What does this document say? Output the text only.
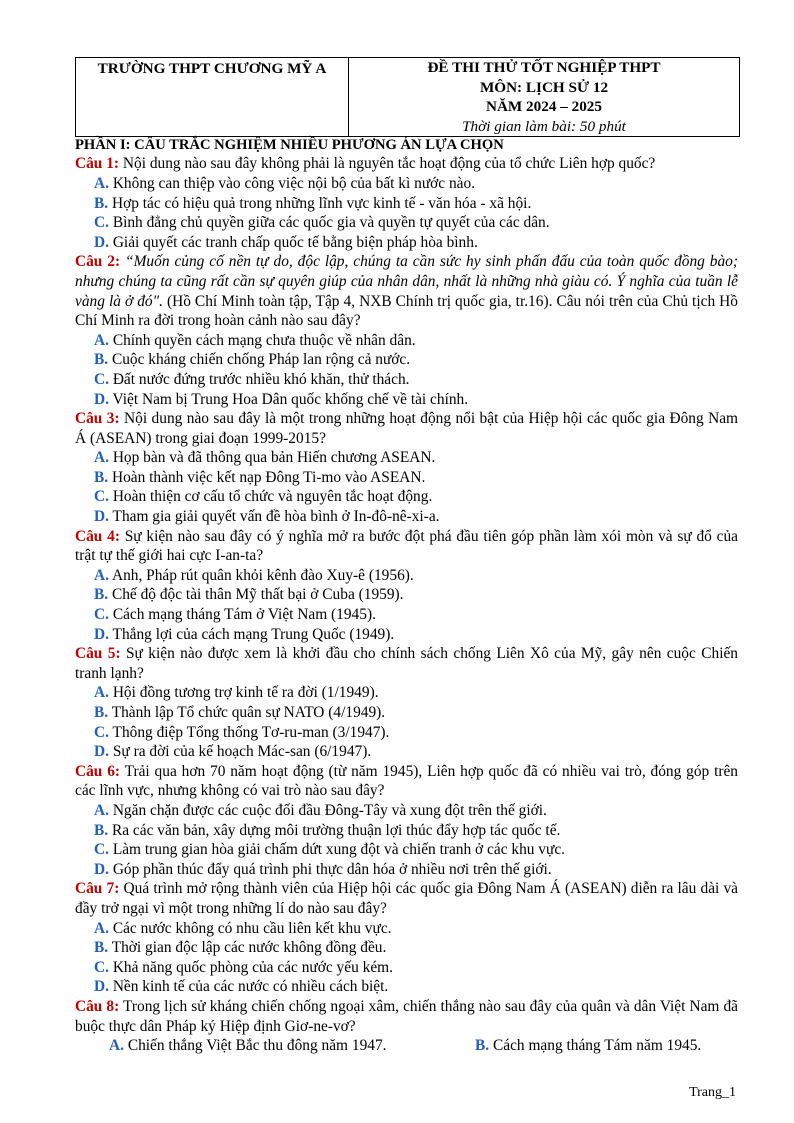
TRƯỜNG THPT CHƯƠNG MỸ A	ĐỀ THI THỬ TỐT NGHIỆP THPT
MÔN: LỊCH SỬ 12
NĂM 2024 – 2025
Thời gian làm bài: 50 phút
PHẦN I: CÂU TRẮC NGHIỆM NHIỀU PHƯƠNG ÁN LỰA CHỌN
Câu 1: Nội dung nào sau đây không phải là nguyên tắc hoạt động của tổ chức Liên hợp quốc?
A. Không can thiệp vào công việc nội bộ của bất kì nước nào.
B. Hợp tác có hiệu quả trong những lĩnh vực kinh tế - văn hóa - xã hội.
C. Bình đẳng chủ quyền giữa các quốc gia và quyền tự quyết của các dân.
D. Giải quyết các tranh chấp quốc tế bằng biện pháp hòa bình.
Câu 2: “Muốn củng cố nền tự do, độc lập, chúng ta cần sức hy sinh phấn đấu của toàn quốc đồng bào; nhưng chúng ta cũng rất cần sự quyên giúp của nhân dân, nhất là những nhà giàu có. Ý nghĩa của tuần lễ vàng là ở đó". (Hồ Chí Minh toàn tập, Tập 4, NXB Chính trị quốc gia, tr.16). Câu nói trên của Chủ tịch Hồ Chí Minh ra đời trong hoàn cảnh nào sau đây?
A. Chính quyền cách mạng chưa thuộc về nhân dân.
B. Cuộc kháng chiến chống Pháp lan rộng cả nước.
C. Đất nước đứng trước nhiều khó khăn, thử thách.
D. Việt Nam bị Trung Hoa Dân quốc khống chế về tài chính.
Câu 3: Nội dung nào sau đây là một trong những hoạt động nổi bật của Hiệp hội các quốc gia Đông Nam Á (ASEAN) trong giai đoạn 1999-2015?
A. Họp bàn và đã thông qua bản Hiến chương ASEAN.
B. Hoàn thành việc kết nạp Đông Ti-mo vào ASEAN.
C. Hoàn thiện cơ cấu tổ chức và nguyên tắc hoạt động.
D. Tham gia giải quyết vấn đề hòa bình ở In-đô-nê-xi-a.
Câu 4: Sự kiện nào sau đây có ý nghĩa mở ra bước đột phá đầu tiên góp phần làm xói mòn và sự đổ của trật tự thế giới hai cực I-an-ta?
A. Anh, Pháp rút quân khỏi kênh đào Xuy-ê (1956).
B. Chế độ độc tài thân Mỹ thất bại ở Cuba (1959).
C. Cách mạng tháng Tám ở Việt Nam (1945).
D. Thắng lợi của cách mạng Trung Quốc (1949).
Câu 5: Sự kiện nào được xem là khởi đầu cho chính sách chống Liên Xô của Mỹ, gây nên cuộc Chiến tranh lạnh?
A. Hội đồng tương trợ kinh tế ra đời (1/1949).
B. Thành lập Tổ chức quân sự NATO (4/1949).
C. Thông điệp Tổng thống Tơ-ru-man (3/1947).
D. Sự ra đời của kế hoạch Mác-san (6/1947).
Câu 6: Trải qua hơn 70 năm hoạt động (từ năm 1945), Liên hợp quốc đã có nhiều vai trò, đóng góp trên các lĩnh vực, nhưng không có vai trò nào sau đây?
A. Ngăn chặn được các cuộc đối đầu Đông-Tây và xung đột trên thế giới.
B. Ra các văn bản, xây dựng môi trường thuận lợi thúc đẩy hợp tác quốc tế.
C. Làm trung gian hòa giải chấm dứt xung đột và chiến tranh ở các khu vực.
D. Góp phần thúc đẩy quá trình phi thực dân hóa ở nhiều nơi trên thế giới.
Câu 7: Quá trình mở rộng thành viên của Hiệp hội các quốc gia Đông Nam Á (ASEAN) diễn ra lâu dài và đầy trở ngại vì một trong những lí do nào sau đây?
A. Các nước không có nhu cầu liên kết khu vực.
B. Thời gian độc lập các nước không đồng đều.
C. Khả năng quốc phòng của các nước yếu kém.
D. Nền kinh tế của các nước có nhiều cách biệt.
Câu 8: Trong lịch sử kháng chiến chống ngoại xâm, chiến thắng nào sau đây của quân và dân Việt Nam đã buộc thực dân Pháp ký Hiệp định Giơ-ne-vơ?
A. Chiến thắng Việt Bắc thu đông năm 1947.	B. Cách mạng tháng Tám năm 1945.
Trang_1
